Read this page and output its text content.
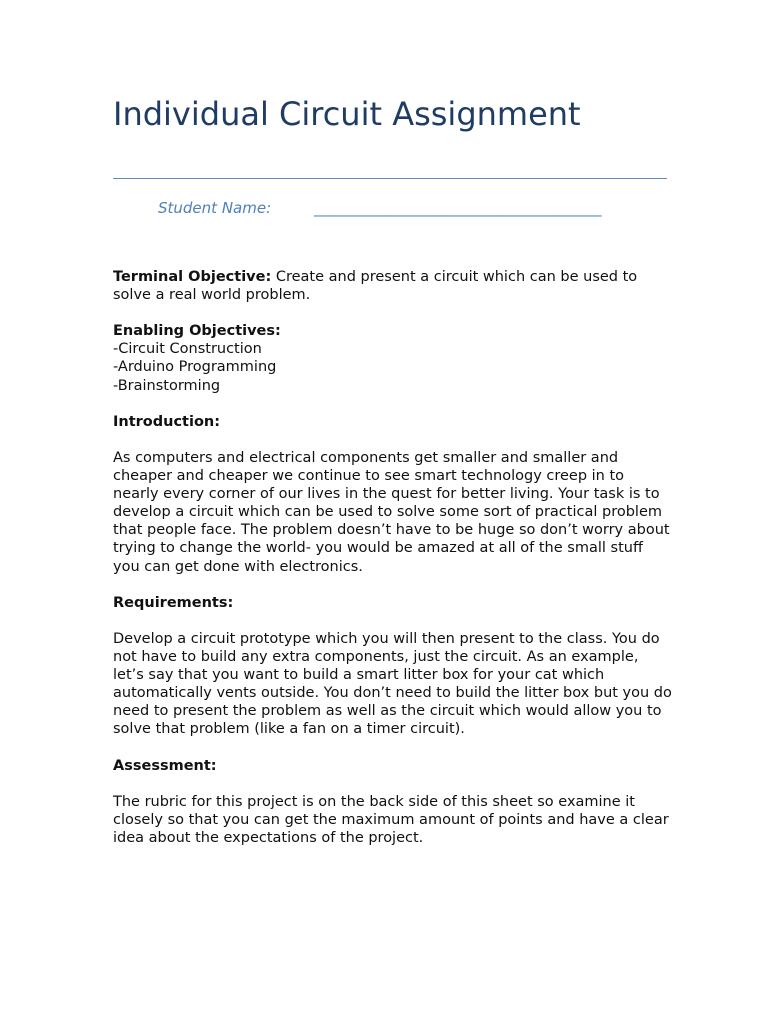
Individual Circuit Assignment
Student Name:	_________________________________________

Terminal Objective: Create and present a circuit which can be used to solve a real world problem.

Enabling Objectives:

-Circuit Construction

-Arduino Programming

-Brainstorming

Introduction:

As computers and electrical components get smaller and smaller and cheaper and cheaper we continue to see smart technology creep in to nearly every corner of our lives in the quest for better living. Your task is to develop a circuit which can be used to solve some sort of practical problem that people face. The problem doesn’t have to be huge so don’t worry about trying to change the world- you would be amazed at all of the small stuff you can get done with electronics.

Requirements:

Develop a circuit prototype which you will then present to the class. You do not have to build any extra components, just the circuit. As an example, let’s say that you want to build a smart litter box for your cat which automatically vents outside. You don’t need to build the litter box but you do need to present the problem as well as the circuit which would allow you to solve that problem (like a fan on a timer circuit).

Assessment:

The rubric for this project is on the back side of this sheet so examine it closely so that you can get the maximum amount of points and have a clear idea about the expectations of the project.
